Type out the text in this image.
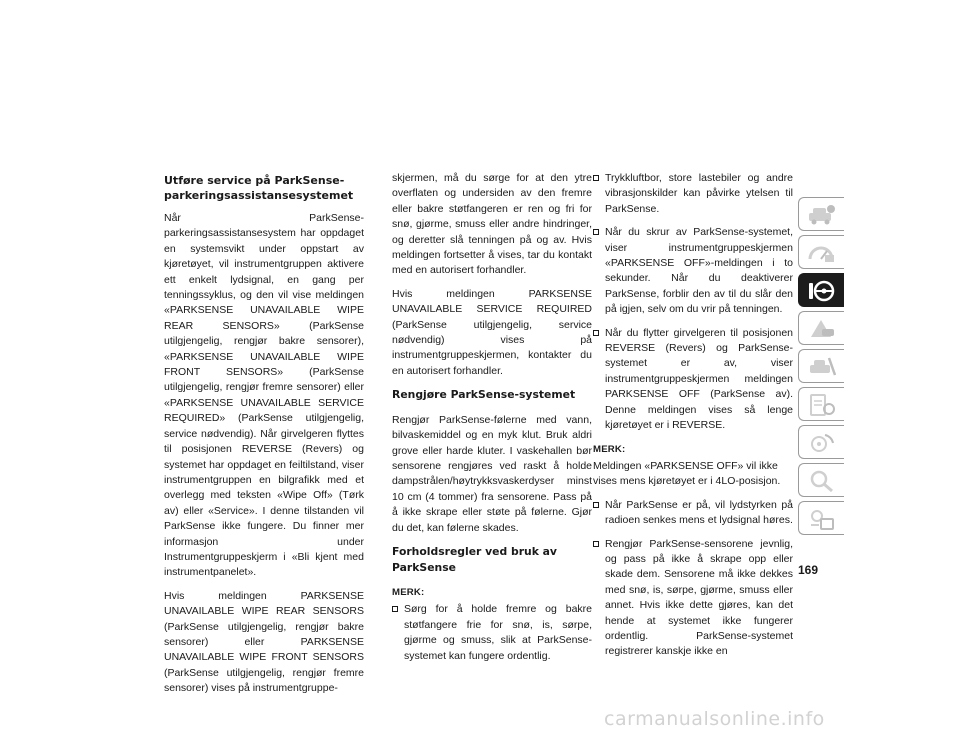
Utføre service på ParkSense-parkeringsassistansesystemet

Når ParkSense-parkeringsassistansesystem har oppdaget en systemsvikt under oppstart av kjøretøyet, vil instrumentgruppen aktivere ett enkelt lydsignal, en gang per tenningssyklus, og den vil vise meldingen «PARKSENSE UNAVAILABLE WIPE REAR SENSORS» (ParkSense utilgjengelig, rengjør bakre sensorer), «PARKSENSE UNAVAILABLE WIPE FRONT SENSORS» (ParkSense utilgjengelig, rengjør fremre sensorer) eller «PARKSENSE UNAVAILABLE SERVICE REQUIRED» (ParkSense utilgjengelig, service nødvendig). Når girvelgeren flyttes til posisjonen REVERSE (Revers) og systemet har oppdaget en feiltilstand, viser instrumentgruppen en bilgrafikk med et overlegg med teksten «Wipe Off» (Tørk av) eller «Service». I denne tilstanden vil ParkSense ikke fungere. Du finner mer informasjon under Instrumentgruppeskjerm i «Bli kjent med instrumentpanelet».

Hvis meldingen PARKSENSE UNAVAILABLE WIPE REAR SENSORS (ParkSense utilgjengelig, rengjør bakre sensorer) eller PARKSENSE UNAVAILABLE WIPE FRONT SENSORS (ParkSense utilgjengelig, rengjør fremre sensorer) vises på instrumentgruppe-

skjermen, må du sørge for at den ytre overflaten og undersiden av den fremre eller bakre støtfangeren er ren og fri for snø, gjørme, smuss eller andre hindringer, og deretter slå tenningen på og av. Hvis meldingen fortsetter å vises, tar du kontakt med en autorisert forhandler.

Hvis meldingen PARKSENSE UNAVAILABLE SERVICE REQUIRED (ParkSense utilgjengelig, service nødvendig) vises på instrumentgruppeskjermen, kontakter du en autorisert forhandler.

Rengjøre ParkSense-systemet

Rengjør ParkSense-følerne med vann, bilvaskemiddel og en myk klut. Bruk aldri grove eller harde kluter. I vaskehallen bør sensorene rengjøres ved raskt å holde dampstrålen/høytrykksvaskerdyser minst 10 cm (4 tommer) fra sensorene. Pass på å ikke skrape eller støte på følerne. Gjør du det, kan følerne skades.

Forholdsregler ved bruk av ParkSense
MERK:
Sørg for å holde fremre og bakre støtfangere frie for snø, is, sørpe, gjørme og smuss, slik at ParkSense-systemet kan fungere ordentlig.
Trykkluftbor, store lastebiler og andre vibrasjonskilder kan påvirke ytelsen til ParkSense.
Når du skrur av ParkSense-systemet, viser instrumentgruppeskjermen «PARKSENSE OFF»-meldingen i to sekunder. Når du deaktiverer ParkSense, forblir den av til du slår den på igjen, selv om du vrir på tenningen.
Når du flytter girvelgeren til posisjonen REVERSE (Revers) og ParkSense-systemet er av, viser instrumentgruppeskjermen meldingen PARKSENSE OFF (ParkSense av). Denne meldingen vises så lenge kjøretøyet er i REVERSE.
MERK:

Meldingen «PARKSENSE OFF» vil ikke vises mens kjøretøyet er i 4LO-posisjon.

Når ParkSense er på, vil lydstyrken på radioen senkes mens et lydsignal høres.
Rengjør ParkSense-sensorene jevnlig, og pass på ikke å skrape opp eller skade dem. Sensorene må ikke dekkes med snø, is, sørpe, gjørme, smuss eller annet. Hvis ikke dette gjøres, kan det hende at systemet ikke fungerer ordentlig. ParkSense-systemet registrerer kanskje ikke en
169
carmanualsonline.info
